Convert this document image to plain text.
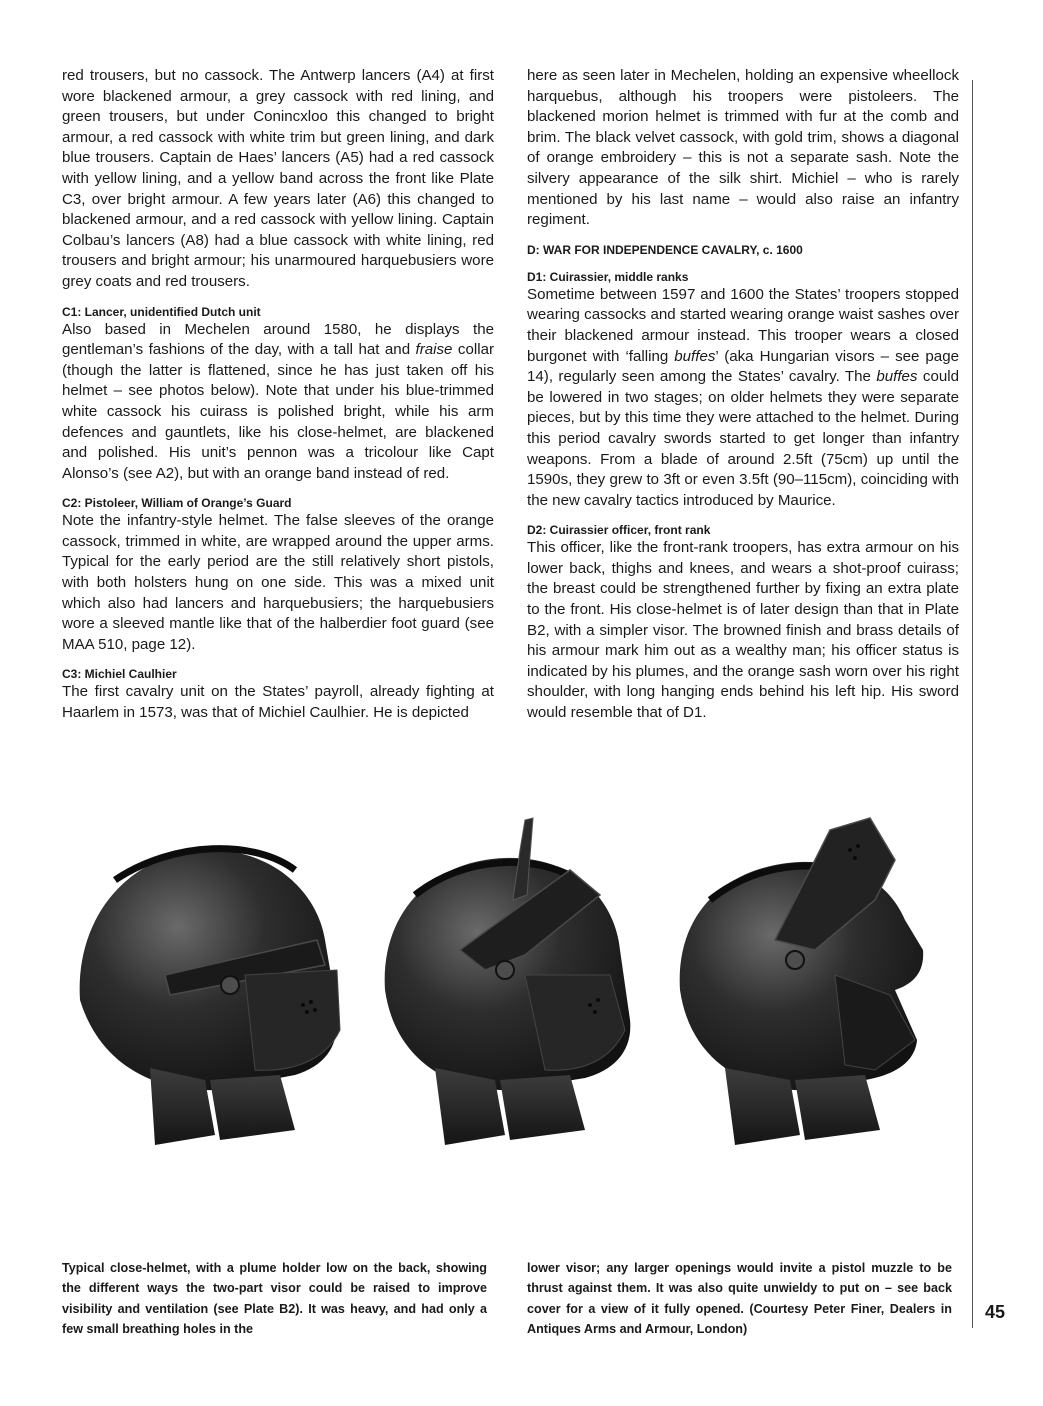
red trousers, but no cassock. The Antwerp lancers (A4) at first wore blackened armour, a grey cassock with red lining, and green trousers, but under Conincxloo this changed to bright armour, a red cassock with white trim but green lining, and dark blue trousers. Captain de Haes’ lancers (A5) had a red cassock with yellow lining, and a yellow band across the front like Plate C3, over bright armour. A few years later (A6) this changed to blackened armour, and a red cassock with yellow lining. Captain Colbau’s lancers (A8) had a blue cassock with white lining, red trousers and bright armour; his unarmoured harquebusiers wore grey coats and red trousers.

C1: Lancer, unidentified Dutch unit

Also based in Mechelen around 1580, he displays the gentleman’s fashions of the day, with a tall hat and fraise collar (though the latter is flattened, since he has just taken off his helmet – see photos below). Note that under his blue-trimmed white cassock his cuirass is polished bright, while his arm defences and gauntlets, like his close-helmet, are blackened and polished. His unit’s pennon was a tricolour like Capt Alonso’s (see A2), but with an orange band instead of red.

C2: Pistoleer, William of Orange’s Guard

Note the infantry-style helmet. The false sleeves of the orange cassock, trimmed in white, are wrapped around the upper arms. Typical for the early period are the still relatively short pistols, with both holsters hung on one side. This was a mixed unit which also had lancers and harquebusiers; the harquebusiers wore a sleeved mantle like that of the halberdier foot guard (see MAA 510, page 12).

C3: Michiel Caulhier

The first cavalry unit on the States’ payroll, already fighting at Haarlem in 1573, was that of Michiel Caulhier. He is depicted

here as seen later in Mechelen, holding an expensive wheellock harquebus, although his troopers were pistoleers. The blackened morion helmet is trimmed with fur at the comb and brim. The black velvet cassock, with gold trim, shows a diagonal of orange embroidery – this is not a separate sash. Note the silvery appearance of the silk shirt. Michiel – who is rarely mentioned by his last name – would also raise an infantry regiment.

D: WAR FOR INDEPENDENCE CAVALRY, c. 1600

D1: Cuirassier, middle ranks

Sometime between 1597 and 1600 the States’ troopers stopped wearing cassocks and started wearing orange waist sashes over their blackened armour instead. This trooper wears a closed burgonet with ‘falling buffes’ (aka Hungarian visors – see page 14), regularly seen among the States’ cavalry. The buffes could be lowered in two stages; on older helmets they were separate pieces, but by this time they were attached to the helmet. During this period cavalry swords started to get longer than infantry weapons. From a blade of around 2.5ft (75cm) up until the 1590s, they grew to 3ft or even 3.5ft (90–115cm), coinciding with the new cavalry tactics introduced by Maurice.

D2: Cuirassier officer, front rank

This officer, like the front-rank troopers, has extra armour on his lower back, thighs and knees, and wears a shot-proof cuirass; the breast could be strengthened further by fixing an extra plate to the front. His close-helmet is of later design than that in Plate B2, with a simpler visor. The browned finish and brass details of his armour mark him out as a wealthy man; his officer status is indicated by his plumes, and the orange sash worn over his right shoulder, with long hanging ends behind his left hip. His sword would resemble that of D1.

Typical close-helmet, with a plume holder low on the back, showing the different ways the two-part visor could be raised to improve visibility and ventilation (see Plate B2). It was heavy, and had only a few small breathing holes in the

lower visor; any larger openings would invite a pistol muzzle to be thrust against them. It was also quite unwieldy to put on – see back cover for a view of it fully opened. (Courtesy Peter Finer, Dealers in Antiques Arms and Armour, London)

45
